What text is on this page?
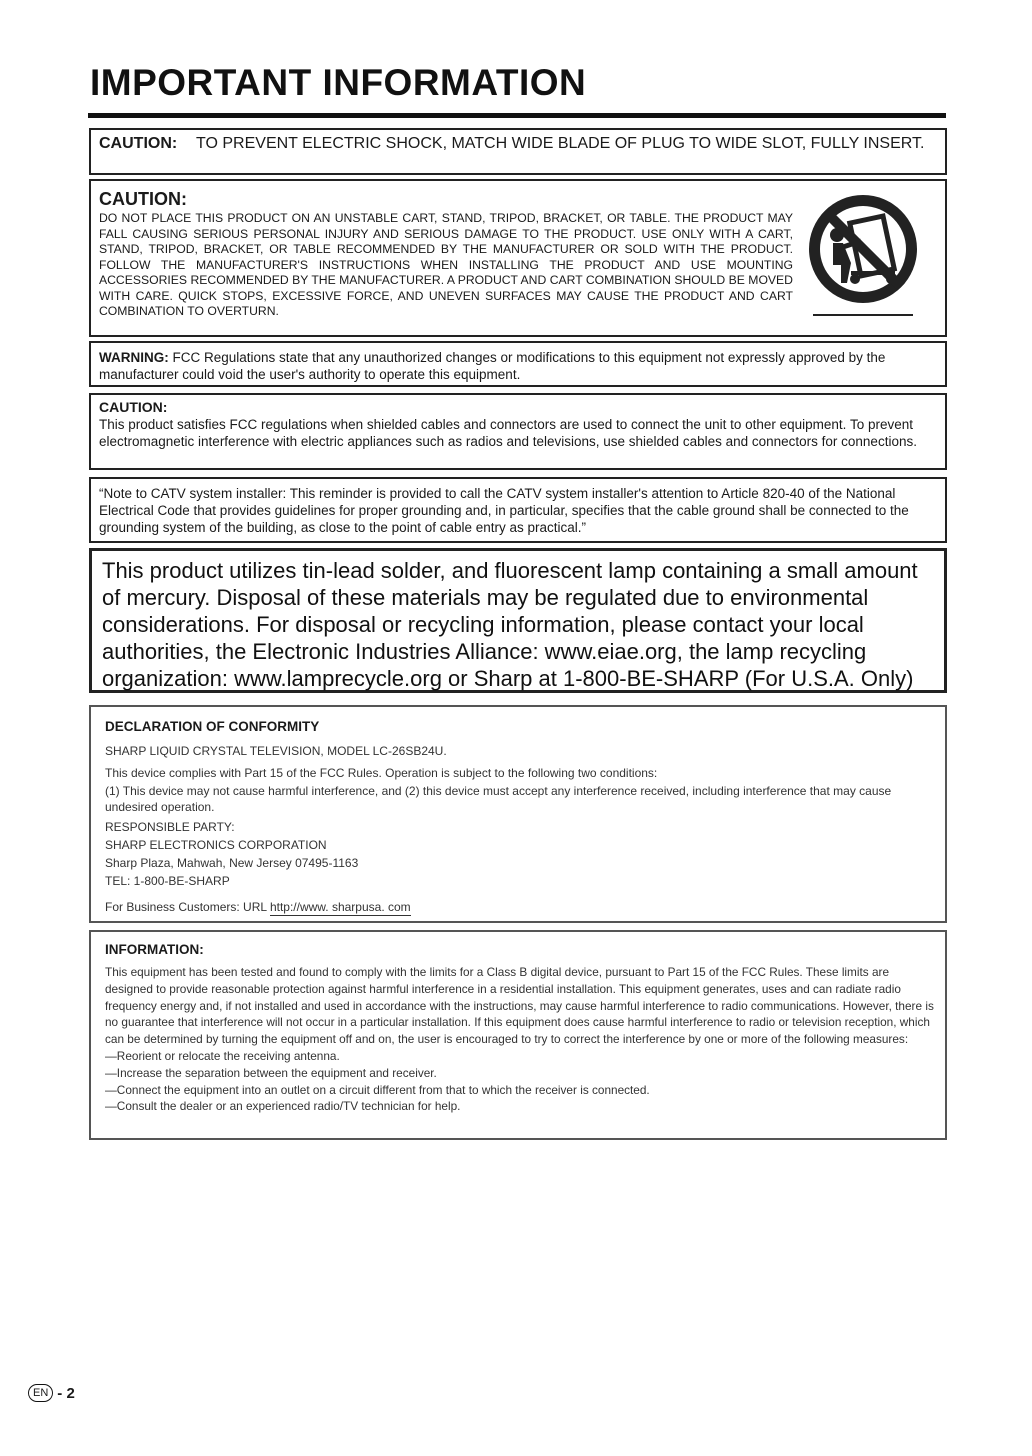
IMPORTANT INFORMATION
CAUTION: TO PREVENT ELECTRIC SHOCK, MATCH WIDE BLADE OF PLUG TO WIDE SLOT, FULLY INSERT.
CAUTION:
DO NOT PLACE THIS PRODUCT ON AN UNSTABLE CART, STAND, TRIPOD, BRACKET, OR TABLE. THE PRODUCT MAY FALL CAUSING SERIOUS PERSONAL INJURY AND SERIOUS DAMAGE TO THE PRODUCT. USE ONLY WITH A CART, STAND, TRIPOD, BRACKET, OR TABLE RECOMMENDED BY THE MANUFACTURER OR SOLD WITH THE PRODUCT. FOLLOW THE MANUFACTURER'S INSTRUCTIONS WHEN INSTALLING THE PRODUCT AND USE MOUNTING ACCESSORIES RECOMMENDED BY THE MANUFACTURER. A PRODUCT AND CART COMBINATION SHOULD BE MOVED WITH CARE. QUICK STOPS, EXCESSIVE FORCE, AND UNEVEN SURFACES MAY CAUSE THE PRODUCT AND CART COMBINATION TO OVERTURN.
WARNING: FCC Regulations state that any unauthorized changes or modifications to this equipment not expressly approved by the manufacturer could void the user's authority to operate this equipment.
CAUTION:
This product satisfies FCC regulations when shielded cables and connectors are used to connect the unit to other equipment. To prevent electromagnetic interference with electric appliances such as radios and televisions, use shielded cables and connectors for connections.
“Note to CATV system installer: This reminder is provided to call the CATV system installer's attention to Article 820-40 of the National Electrical Code that provides guidelines for proper grounding and, in particular, specifies that the cable ground shall be connected to the grounding system of the building, as close to the point of cable entry as practical.”
This product utilizes tin-lead solder, and fluorescent lamp containing a small amount of mercury. Disposal of these materials may be regulated due to environmental considerations. For disposal or recycling information, please contact your local authorities, the Electronic Industries Alliance: www.eiae.org, the lamp recycling organization: www.lamprecycle.org or Sharp at 1-800-BE-SHARP (For U.S.A. Only)
DECLARATION OF CONFORMITY
SHARP LIQUID CRYSTAL TELEVISION, MODEL LC-26SB24U.
This device complies with Part 15 of the FCC Rules. Operation is subject to the following two conditions:
(1) This device may not cause harmful interference, and (2) this device must accept any interference received, including interference that may cause undesired operation.
RESPONSIBLE PARTY:
SHARP ELECTRONICS CORPORATION
Sharp Plaza, Mahwah, New Jersey 07495-1163
TEL: 1-800-BE-SHARP
For Business Customers: URL http://www. sharpusa. com
INFORMATION:
This equipment has been tested and found to comply with the limits for a Class B digital device, pursuant to Part 15 of the FCC Rules. These limits are designed to provide reasonable protection against harmful interference in a residential installation. This equipment generates, uses and can radiate radio frequency energy and, if not installed and used in accordance with the instructions, may cause harmful interference to radio communications. However, there is no guarantee that interference will not occur in a particular installation. If this equipment does cause harmful interference to radio or television reception, which can be determined by turning the equipment off and on, the user is encouraged to try to correct the interference by one or more of the following measures:
—Reorient or relocate the receiving antenna.
—Increase the separation between the equipment and receiver.
—Connect the equipment into an outlet on a circuit different from that to which the receiver is connected.
—Consult the dealer or an experienced radio/TV technician for help.
EN - 2
